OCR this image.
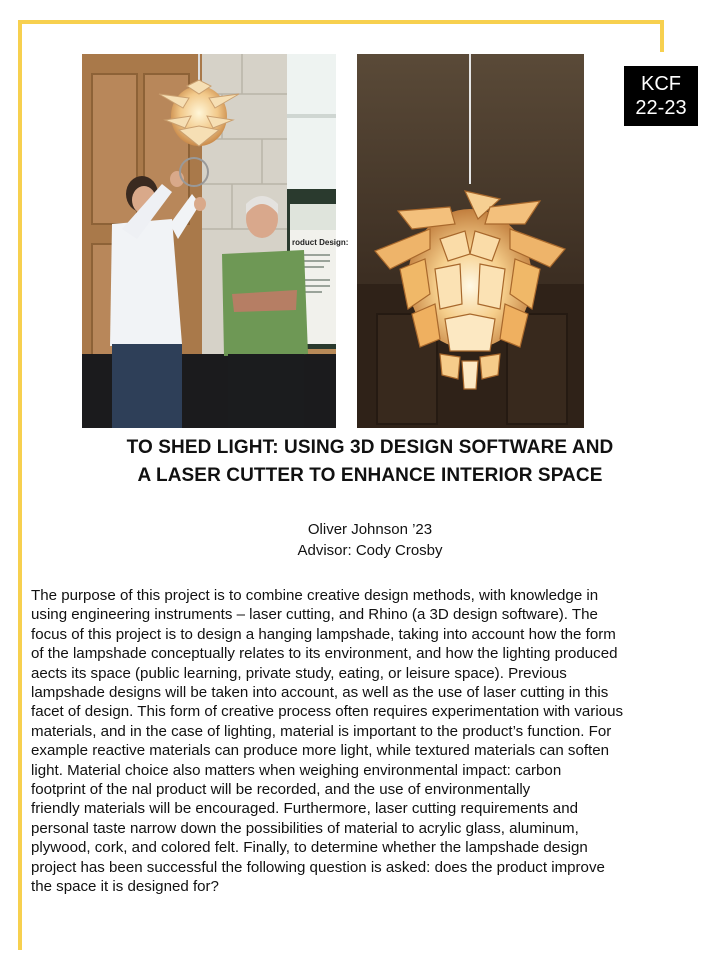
roduct Design:
KCF
22-23
TO SHED LIGHT: USING 3D DESIGN SOFTWARE AND
A LASER CUTTER TO ENHANCE INTERIOR SPACE
Oliver Johnson ’23
Advisor: Cody Crosby
The purpose of this project is to combine creative design methods, with knowledge in
using engineering instruments – laser cutting, and Rhino (a 3D design software). The
focus of this project is to design a hanging lampshade, taking into account how the form
of the lampshade conceptually relates to its environment, and how the lighting produced
aects its space (public learning, private study, eating, or leisure space). Previous
lampshade designs will be taken into account, as well as the use of laser cutting in this
facet of design. This form of creative process often requires experimentation with various
materials, and in the case of lighting, material is important to the product’s function. For
example reactive materials can produce more light, while textured materials can soften
light. Material choice also matters when weighing environmental impact: carbon
footprint of the nal product will be recorded, and the use of environmentally
friendly materials will be encouraged. Furthermore, laser cutting requirements and
personal taste narrow down the possibilities of material to acrylic glass, aluminum,
plywood, cork, and colored felt. Finally, to determine whether the lampshade design
project has been successful the following question is asked: does the product improve
the space it is designed for?
